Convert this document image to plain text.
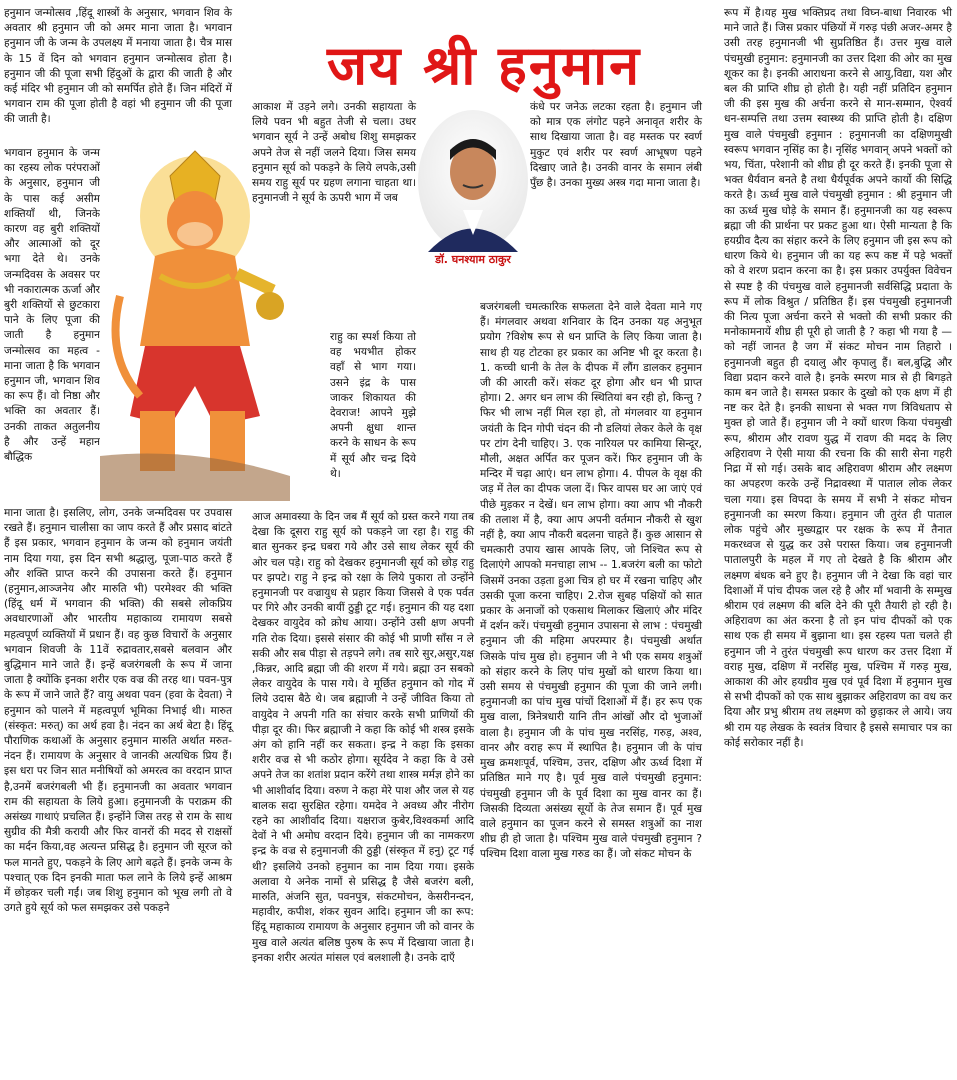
जय श्री हनुमान
हनुमान जन्मोत्सव ,हिंदू शास्त्रों के अनुसार, भगवान शिव के अवतार श्री हनुमान जी को अमर माना जाता है। भगवान हनुमान जी के जन्म के उपलक्ष्य में मनाया जाता है। चैत्र मास के 15 वें दिन को भगवान हनुमान जन्मोत्सव होता है। हनुमान जी की पूजा सभी हिंदुओं के द्वारा की जाती है और कई मंदिर भी हनुमान जी को समर्पित होते हैं। जिन मंदिरों में भगवान राम की पूजा होती है वहां भी हनुमान जी की पूजा की जाती है।
भगवान हनुमान के जन्म का रहस्य लोक परंपराओं के अनुसार, हनुमान जी के पास कई असीम शक्तियाँ थी, जिनके कारण वह बुरी शक्तियों और आत्माओं को दूर भगा देते थे। उनके जन्मदिवस के अवसर पर भी नकारात्मक ऊर्जा और बुरी शक्तियों से छुटकारा पाने के लिए पूजा की जाती है हनुमान जन्मोत्सव का महत्व - माना जाता है कि भगवान हनुमान जी, भगवान शिव का रूप हैं। वो निष्ठा और भक्ति का अवतार हैं। उनकी ताकत अतुलनीय है और उन्हें महान बौद्धिक
माना जाता है। इसलिए, लोग, उनके जन्मदिवस पर उपवास रखते हैं। हनुमान चालीसा का जाप करते हैं और प्रसाद बांटते हैं इस प्रकार, भगवान हनुमान के जन्म को हनुमान जयंती नाम दिया गया, इस दिन सभी श्रद्धालु, पूजा-पाठ करते हैं और शक्ति प्राप्त करने की उपासना करते हैं। हनुमान (हनुमान,आञ्जनेय और मारुति भी) परमेश्वर की भक्ति (हिंदू धर्म में भगवान की भक्ति) की सबसे लोकप्रिय अवधारणाओं और भारतीय महाकाव्य रामायण सबसे महत्वपूर्ण व्यक्तियों में प्रधान हैं। वह कुछ विचारों के अनुसार भगवान शिवजी के 11वें रुद्रावतार,सबसे बलवान और बुद्धिमान माने जाते हैं। इन्हें बजरंगबली के रूप में जाना जाता है क्योंकि इनका शरीर एक वज्र की तरह था। पवन-पुत्र के रूप में जाने जाते हैं? वायु अथवा पवन (हवा के देवता) ने हनुमान को पालने में महत्वपूर्ण भूमिका निभाई थी। मारुत (संस्कृत: मरुत्) का अर्थ हवा है। नंदन का अर्थ बेटा है। हिंदू पौराणिक कथाओं के अनुसार हनुमान मारुति अर्थात मरुत-नंदन हैं। रामायण के अनुसार वे जानकी अत्यधिक प्रिय हैं। इस धरा पर जिन सात मनीषियों को अमरत्व का वरदान प्राप्त है,उनमें बजरंगबली भी हैं। हनुमानजी का अवतार भगवान राम की सहायता के लिये हुआ। हनुमानजी के पराक्रम की असंख्य गाथाएं प्रचलित हैं। इन्होंने जिस तरह से राम के साथ सुग्रीव की मैत्री करायी और फिर वानरों की मदद से राक्षसों का मर्दन किया,वह अत्यन्त प्रसिद्ध है। हनुमान जी सूरज को फल मानते हुए, पकड़ने के लिए आगे बढ़ते हैं। इनके जन्म के पश्चात् एक दिन इनकी माता फल लाने के लिये इन्हें आश्रम में छोड़कर चली गईं। जब शिशु हनुमान को भूख लगी तो वे उगते हुये सूर्य को फल समझकर उसे पकड़ने
आकाश में उड़ने लगे। उनकी सहायता के लिये पवन भी बहुत तेजी से चला। उधर भगवान सूर्य ने उन्हें अबोध शिशु समझकर अपने तेज से नहीं जलने दिया। जिस समय हनुमान सूर्य को पकड़ने के लिये लपके,उसी समय राहु सूर्य पर ग्रहण लगाना चाहता था। हनुमानजी ने सूर्य के ऊपरी भाग में जब
राहु का स्पर्श किया तो वह भयभीत होकर वहाँ से भाग गया। उसने इंद्र के पास जाकर शिकायत की देवराज! आपने मुझे अपनी क्षुधा शान्त करने के साधन के रूप में सूर्य और चन्द्र दिये थे।
आज अमावस्या के दिन जब मैं सूर्य को ग्रस्त करने गया तब देखा कि दूसरा राहु सूर्य को पकड़ने जा रहा है। राहु की बात सुनकर इन्द्र घबरा गये और उसे साथ लेकर सूर्य की ओर चल पड़े। राहु को देखकर हनुमानजी सूर्य को छोड़ राहु पर झपटे। राहु ने इन्द्र को रक्षा के लिये पुकारा तो उन्होंने हनुमानजी पर वज्रायुध से प्रहार किया जिससे वे एक पर्वत पर गिरे और उनकी बायीं ठुड्डी टूट गई। हनुमान की यह दशा देखकर वायुदेव को क्रोध आया। उन्होंने उसी क्षण अपनी गति रोक दिया। इससे संसार की कोई भी प्राणी साँस न ले सकी और सब पीड़ा से तड़पने लगे। तब सारे सुर,असुर,यक्ष ,किन्नर, आदि ब्रह्मा जी की शरण में गये। ब्रह्मा उन सबको लेकर वायुदेव के पास गये। वे मूर्छित हनुमान को गोद में लिये उदास बैठे थे। जब ब्रह्माजी ने उन्हें जीवित किया तो वायुदेव ने अपनी गति का संचार करके सभी प्राणियों की पीड़ा दूर की। फिर ब्रह्माजी ने कहा कि कोई भी शस्त्र इसके अंग को हानि नहीं कर सकता। इन्द्र ने कहा कि इसका शरीर वज्र से भी कठोर होगा। सूर्यदेव ने कहा कि वे उसे अपने तेज का शतांश प्रदान करेंगे तथा शास्त्र मर्मज्ञ होने का भी आशीर्वाद दिया। वरुण ने कहा मेरे पाश और जल से यह बालक सदा सुरक्षित रहेगा। यमदेव ने अवध्य और नीरोग रहने का आशीर्वाद दिया। यक्षराज कुबेर,विश्वकर्मा आदि देवों ने भी अमोघ वरदान दिये। हनुमान जी का नामकरण इन्द्र के वज्र से हनुमानजी की ठुड्डी (संस्कृत में हनु) टूट गई थी? इसलिये उनको हनुमान का नाम दिया गया। इसके अलावा ये अनेक नामों से प्रसिद्ध है जैसे बजरंग बली, मारुति, अंजनि सुत, पवनपुत्र, संकटमोचन, केसरीनन्दन, महावीर, कपीश, शंकर सुवन आदि। हनुमान जी का रूप: हिंदू महाकाव्य रामायण के अनुसार हनुमान जी को वानर के मुख वाले अत्यंत बलिष्ठ पुरुष के रूप में दिखाया जाता है। इनका शरीर अत्यंत मांसल एवं बलशाली है। उनके दाएँ
डॉ. घनश्याम ठाकुर
कंधे पर जनेऊ लटका रहता है। हनुमान जी को मात्र एक लंगोट पहने अनावृत शरीर के साथ दिखाया जाता है। वह मस्तक पर स्वर्ण मुकुट एवं शरीर पर स्वर्ण आभूषण पहने दिखाए जाते है। उनकी वानर के समान लंबी पुँछ है। उनका मुख्य अस्त्र गदा माना जाता है।
बजरंगबली चमत्कारिक सफलता देने वाले देवता माने गए हैं। मंगलवार अथवा शनिवार के दिन उनका यह अनुभूत प्रयोग ?विशेष रूप से धन प्राप्ति के लिए किया जाता है। साथ ही यह टोटका हर प्रकार का अनिष्ट भी दूर करता है। 1. कच्ची धानी के तेल के दीपक में लौंग डालकर हनुमान जी की आरती करें। संकट दूर होगा और धन भी प्राप्त होगा। 2. अगर धन लाभ की स्थितियां बन रही हो, किन्तु ?फिर भी लाभ नहीं मिल रहा हो, तो मंगलवार या हनुमान जयंती के दिन गोपी चंदन की नौ डलियां लेकर केले के वृक्ष पर टांग देनी चाहिए। 3. एक नारियल पर कामिया सिन्दूर, मौली, अक्षत अर्पित कर पूजन करें। फिर हनुमान जी के मन्दिर में चढ़ा आएं। धन लाभ होगा। 4. पीपल के वृक्ष की जड़ में तेल का दीपक जला दें। फिर वापस घर आ जाएं एवं पीछे मुड़कर न देखें। धन लाभ होगा। क्या आप भी नौकरी की तलाश में है, क्या आप अपनी वर्तमान नौकरी से खुश नहीं है, क्या आप नौकरी बदलना चाहते हैं। कुछ आसान से चमत्कारी उपाय खास आपके लिए, जो निश्चित रूप से दिलाएंगे आपको मनचाहा लाभ -- 1.बजरंग बली का फोटो जिसमें उनका उड़ता हुआ चित्र हो घर में रखना चाहिए और उसकी पूजा करना चाहिए। 2.रोज सुबह पक्षियों को सात प्रकार के अनाजों को एकसाथ मिलाकर खिलाएं और मंदिर में दर्शन करें। पंचमुखी हनुमान उपासना से लाभ : पंचमुखी हनुमान जी की महिमा अपरम्पार है। पंचमुखी अर्थात जिसके पांच मुख हो। हनुमान जी ने भी एक समय शत्रुओं को संहार करने के लिए पांच मुखों को धारण किया था। उसी समय से पंचमुखी हनुमान की पूजा की जाने लगी। हनुमानजी का पांच मुख पांचों दिशाओं में हैं। हर रूप एक मुख वाला, त्रिनेत्रधारी यानि तीन आंखों और दो भुजाओं वाला है। हनुमान जी के पांच मुख नरसिंह, गरुड़, अश्व, वानर और वराह रूप में स्थापित है। हनुमान जी के पांच मुख क्रमशःपूर्व, पश्चिम, उत्तर, दक्षिण और ऊर्ध्व दिशा में प्रतिष्ठित माने गए है। पूर्व मुख वाले पंचमुखी हनुमान: पंचमुखी हनुमान जी के पूर्व दिशा का मुख वानर का हैं। जिसकी दिव्यता असंख्य सूर्यो के तेज समान हैं। पूर्व मुख वाले हनुमान का पूजन करने से समस्त शत्रुओं का नाश शीघ्र ही हो जाता है। पश्चिम मुख वाले पंचमुखी हनुमान ?पश्चिम दिशा वाला मुख गरुड का हैं। जो संकट मोचन के
रूप में है।यह मुख भक्तिप्रद तथा विघ्न-बाधा निवारक भी माने जाते हैं। जिस प्रकार पंछियों में गरुड़ पंछी अजर-अमर है उसी तरह हनुमानजी भी सुप्रतिष्ठित हैं। उत्तर मुख वाले पंचमुखी हनुमान: हनुमानजी का उत्तर दिशा की ओर का मुख शूकर का है। इनकी आराधना करने से आयु,विद्या, यश और बल की प्राप्ति शीघ्र हो होती है। यही नहीं प्रतिदिन हनुमान जी की इस मुख की अर्चना करने से मान-सम्मान, ऐश्वर्य धन-सम्पत्ति तथा उत्तम स्वास्थ्य की प्राप्ति होती है। दक्षिण मुख वाले पंचमुखी हनुमान : हनुमानजी का दक्षिणमुखी स्वरूप भगवान नृसिंह का है। नृसिंह भगवान् अपने भक्तों को भय, चिंता, परेशानी को शीघ्र ही दूर करते हैं। इनकी पूजा से भक्त धैर्यवान बनते है तथा धैर्यपूर्वक अपने कार्यो की सिद्धि करते है। ऊर्ध्व मुख वाले पंचमुखी हनुमान : श्री हनुमान जी का ऊर्ध्व मुख घोड़े के समान हैं। हनुमानजी का यह स्वरूप ब्रह्मा जी की प्रार्थना पर प्रकट हुआ था। ऐसी मान्यता है कि हयग्रीव दैत्य का संहार करने के लिए हनुमान जी इस रूप को धारण किये थे। हनुमान जी का यह रूप कष्ट में पड़े भक्तों को वे शरण प्रदान करना का है। इस प्रकार उपर्युक्त विवेचन से स्पष्ट है की पंचमुख वाले हनुमानजी सर्वसिद्धि प्रदाता के रूप में लोक विश्रुत / प्रतिष्ठित हैं। इस पंचमुखी हनुमानजी की नित्य पूजा अर्चना करने से भक्तो की सभी प्रकार की मनोकामनायें शीघ्र ही पूरी हो जाती है ? कहा भी गया है —को नहीं जानत है जग में संकट मोचन नाम तिहारो । हनुमानजी बहुत ही दयालु और कृपालु हैं। बल,बुद्धि और विद्या प्रदान करने वाले है। इनके स्मरण मात्र से ही बिगड़ते काम बन जाते है। समस्त प्रकार के दुखो को एक क्षण में ही नष्ट कर देते है। इनकी साधना से भक्त गण त्रिविधताप से मुक्त हो जाते हैं। हनुमान जी ने क्यों धारण किया पंचमुखी रूप, श्रीराम और रावण युद्ध में रावण की मदद के लिए अहिरावण ने ऐसी माया की रचना कि की सारी सेना गहरी निद्रा में सो गई। उसके बाद अहिरावण श्रीराम और लक्ष्मण का अपहरण करके उन्हें निद्रावस्था में पाताल लोक लेकर चला गया। इस विपदा के समय में सभी ने संकट मोचन हनुमानजी का स्मरण किया। हनुमान जी तुरंत ही पाताल लोक पहुंचे और मुख्यद्वार पर रक्षक के रूप में तैनात मकरध्वज से युद्ध कर उसे परास्त किया। जब हनुमानजी पातालपुरी के महल में गए तो देखते है कि श्रीराम और लक्ष्मण बंधक बने हुए है। हनुमान जी ने देखा कि वहां चार दिशाओं में पांच दीपक जल रहे है और माँ भवानी के सम्मुख श्रीराम एवं लक्ष्मण की बलि देने की पूरी तैयारी हो रही है। अहिरावण का अंत करना है तो इन पांच दीपकों को एक साथ एक ही समय में बुझाना था। इस रहस्य पता चलते ही हनुमान जी ने तुरंत पंचमुखी रूप धारण कर उत्तर दिशा में वराह मुख, दक्षिण में नरसिंह मुख, पश्चिम में गरुड़ मुख, आकाश की ओर हयग्रीव मुख एवं पूर्व दिशा में हनुमान मुख से सभी दीपकों को एक साथ बुझाकर अहिरावण का वध कर दिया और प्रभु श्रीराम तथ लक्ष्मण को छुड़ाकर ले आये। जय श्री राम यह लेखक के स्वतंत्र विचार है इससे समाचार पत्र का कोई सरोकार नहीं है।
